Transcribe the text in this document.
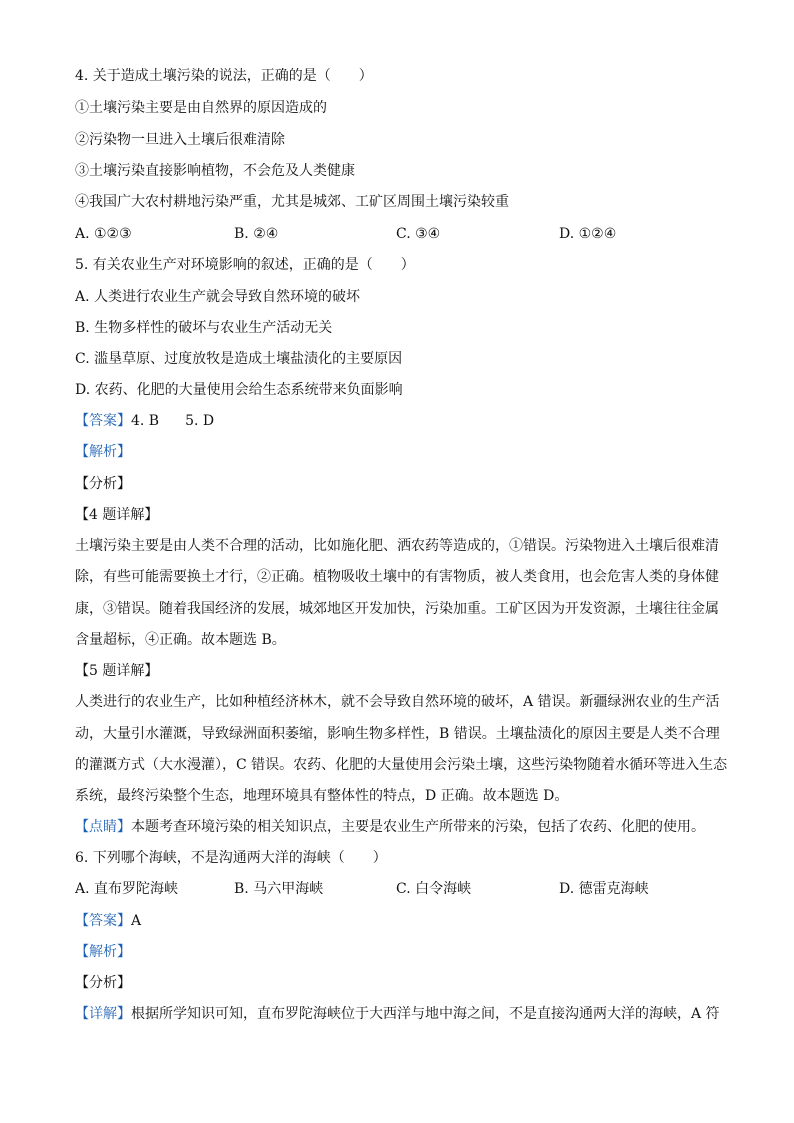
4. 关于造成土壤污染的说法，正确的是（　　）
①土壤污染主要是由自然界的原因造成的
②污染物一旦进入土壤后很难清除
③土壤污染直接影响植物，不会危及人类健康
④我国广大农村耕地污染严重，尤其是城郊、工矿区周围土壤污染较重
A. ①②③	B. ②④	C. ③④	D. ①②④
5. 有关农业生产对环境影响的叙述，正确的是（　　）
A. 人类进行农业生产就会导致自然环境的破坏
B. 生物多样性的破坏与农业生产活动无关
C. 滥垦草原、过度放牧是造成土壤盐渍化的主要原因
D. 农药、化肥的大量使用会给生态系统带来负面影响
【答案】4. B 5. D
【解析】
【分析】
【4 题详解】
土壤污染主要是由人类不合理的活动，比如施化肥、洒农药等造成的，①错误。污染物进入土壤后很难清
除，有些可能需要换土才行，②正确。植物吸收土壤中的有害物质，被人类食用，也会危害人类的身体健
康，③错误。随着我国经济的发展，城郊地区开发加快，污染加重。工矿区因为开发资源，土壤往往金属
含量超标，④正确。故本题选 B。
【5 题详解】
人类进行的农业生产，比如种植经济林木，就不会导致自然环境的破坏，A 错误。新疆绿洲农业的生产活
动，大量引水灌溉，导致绿洲面积萎缩，影响生物多样性，B 错误。土壤盐渍化的原因主要是人类不合理
的灌溉方式（大水漫灌），C 错误。农药、化肥的大量使用会污染土壤，这些污染物随着水循环等进入生态
系统，最终污染整个生态，地理环境具有整体性的特点，D 正确。故本题选 D。
【点睛】本题考查环境污染的相关知识点，主要是农业生产所带来的污染，包括了农药、化肥的使用。
6. 下列哪个海峡，不是沟通两大洋的海峡（　　）
A. 直布罗陀海峡	B. 马六甲海峡	C. 白令海峡	D. 德雷克海峡
【答案】A
【解析】
【分析】
【详解】根据所学知识可知，直布罗陀海峡位于大西洋与地中海之间，不是直接沟通两大洋的海峡，A 符
